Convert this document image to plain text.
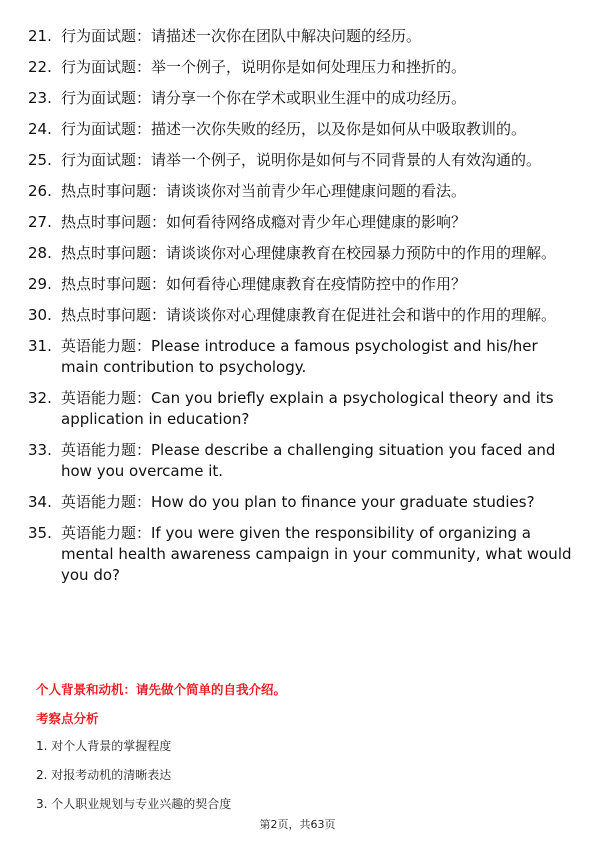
21. 行为面试题：请描述一次你在团队中解决问题的经历。
22. 行为面试题：举一个例子，说明你是如何处理压力和挫折的。
23. 行为面试题：请分享一个你在学术或职业生涯中的成功经历。
24. 行为面试题：描述一次你失败的经历，以及你是如何从中吸取教训的。
25. 行为面试题：请举一个例子，说明你是如何与不同背景的人有效沟通的。
26. 热点时事问题：请谈谈你对当前青少年心理健康问题的看法。
27. 热点时事问题：如何看待网络成瘾对青少年心理健康的影响？
28. 热点时事问题：请谈谈你对心理健康教育在校园暴力预防中的作用的理解。
29. 热点时事问题：如何看待心理健康教育在疫情防控中的作用？
30. 热点时事问题：请谈谈你对心理健康教育在促进社会和谐中的作用的理解。
31. 英语能力题：Please introduce a famous psychologist and his/her main contribution to psychology.
32. 英语能力题：Can you briefly explain a psychological theory and its application in education?
33. 英语能力题：Please describe a challenging situation you faced and how you overcame it.
34. 英语能力题：How do you plan to finance your graduate studies?
35. 英语能力题：If you were given the responsibility of organizing a mental health awareness campaign in your community, what would you do?
个人背景和动机：请先做个简单的自我介绍。
考察点分析
1. 对个人背景的掌握程度
2. 对报考动机的清晰表达
3. 个人职业规划与专业兴趣的契合度
第2页，共63页
